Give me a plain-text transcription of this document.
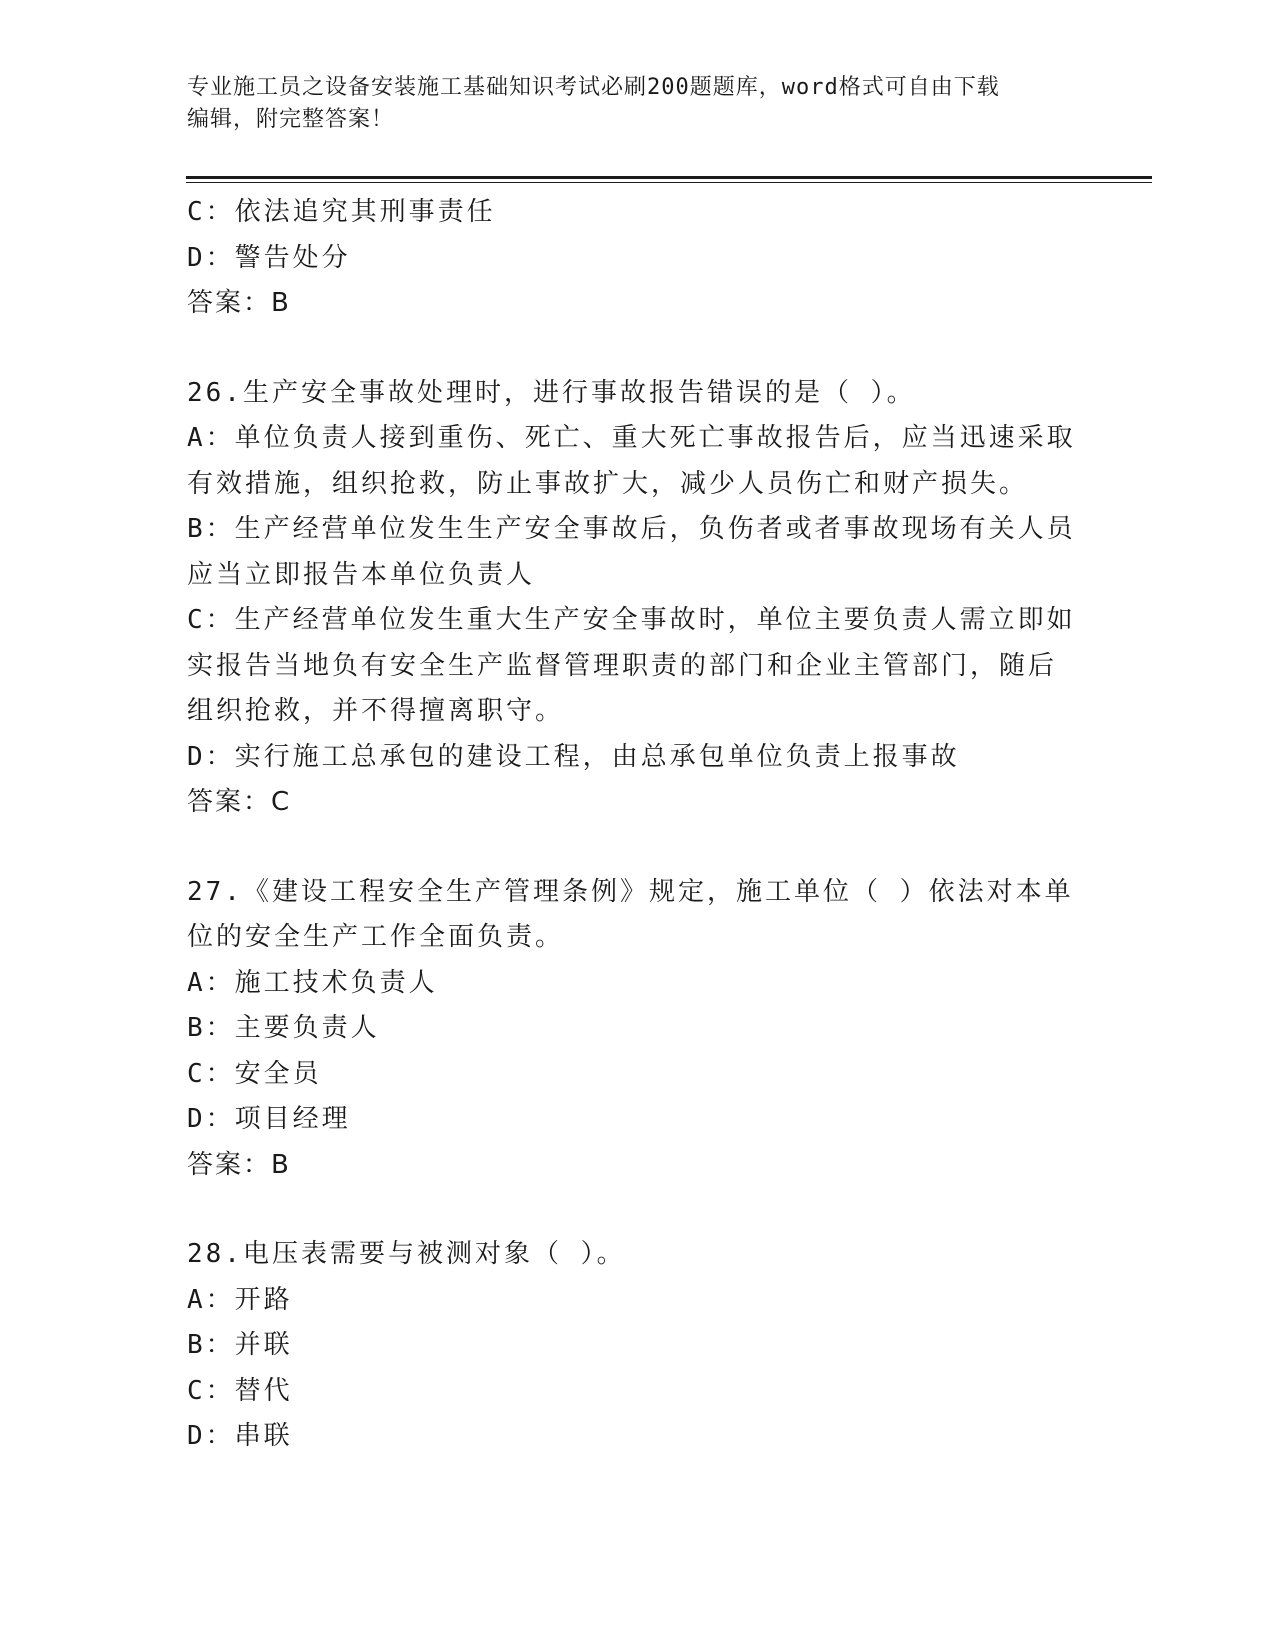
专业施工员之设备安装施工基础知识考试必刷200题题库，word格式可自由下载
编辑，附完整答案！
C：依法追究其刑事责任
D：警告处分
答案：B
26.生产安全事故处理时，进行事故报告错误的是（ ）。
A：单位负责人接到重伤、死亡、重大死亡事故报告后，应当迅速采取
有效措施，组织抢救，防止事故扩大，减少人员伤亡和财产损失。
B：生产经营单位发生生产安全事故后，负伤者或者事故现场有关人员
应当立即报告本单位负责人
C：生产经营单位发生重大生产安全事故时，单位主要负责人需立即如
实报告当地负有安全生产监督管理职责的部门和企业主管部门，随后
组织抢救，并不得擅离职守。
D：实行施工总承包的建设工程，由总承包单位负责上报事故
答案：C
27.《建设工程安全生产管理条例》规定，施工单位（ ）依法对本单
位的安全生产工作全面负责。
A：施工技术负责人
B：主要负责人
C：安全员
D：项目经理
答案：B
28.电压表需要与被测对象（ ）。
A：开路
B：并联
C：替代
D：串联
